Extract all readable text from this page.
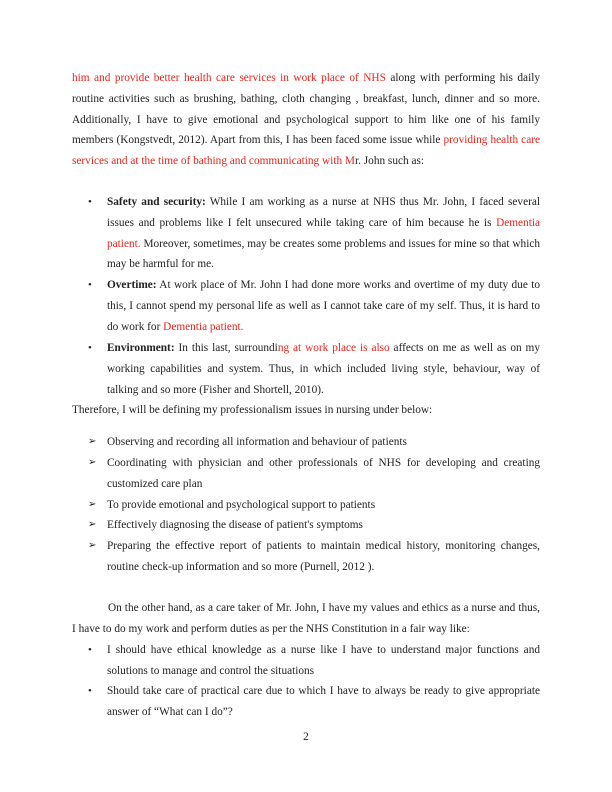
him and provide better health care services in work place of NHS along with performing his daily routine activities such as brushing, bathing, cloth changing , breakfast, lunch, dinner and so more. Additionally, I have to give emotional and psychological support to him like one of his family members (Kongstvedt, 2012). Apart from this, I has been faced some issue while providing health care services and at the time of bathing and communicating with Mr. John such as:

• Safety and security: While I am working as a nurse at NHS thus Mr. John, I faced several issues and problems like I felt unsecured while taking care of him because he is Dementia patient. Moreover, sometimes, may be creates some problems and issues for mine so that which may be harmful for me.

• Overtime: At work place of Mr. John I had done more works and overtime of my duty due to this, I cannot spend my personal life as well as I cannot take care of my self. Thus, it is hard to do work for Dementia patient.

• Environment: In this last, surrounding at work place is also affects on me as well as on my working capabilities and system. Thus, in which included living style, behaviour, way of talking and so more (Fisher and Shortell, 2010).

Therefore, I will be defining my professionalism issues in nursing under below:

➢ Observing and recording all information and behaviour of patients

➢ Coordinating with physician and other professionals of NHS for developing and creating customized care plan

➢ To provide emotional and psychological support to patients

➢ Effectively diagnosing the disease of patient's symptoms

➢ Preparing the effective report of patients to maintain medical history, monitoring changes, routine check-up information and so more (Purnell, 2012 ).

On the other hand, as a care taker of Mr. John, I have my values and ethics as a nurse and thus, I have to do my work and perform duties as per the NHS Constitution in a fair way like:

• I should have ethical knowledge as a nurse like I have to understand major functions and solutions to manage and control the situations

• Should take care of practical care due to which I have to always be ready to give appropriate answer of “What can I do”?

2
